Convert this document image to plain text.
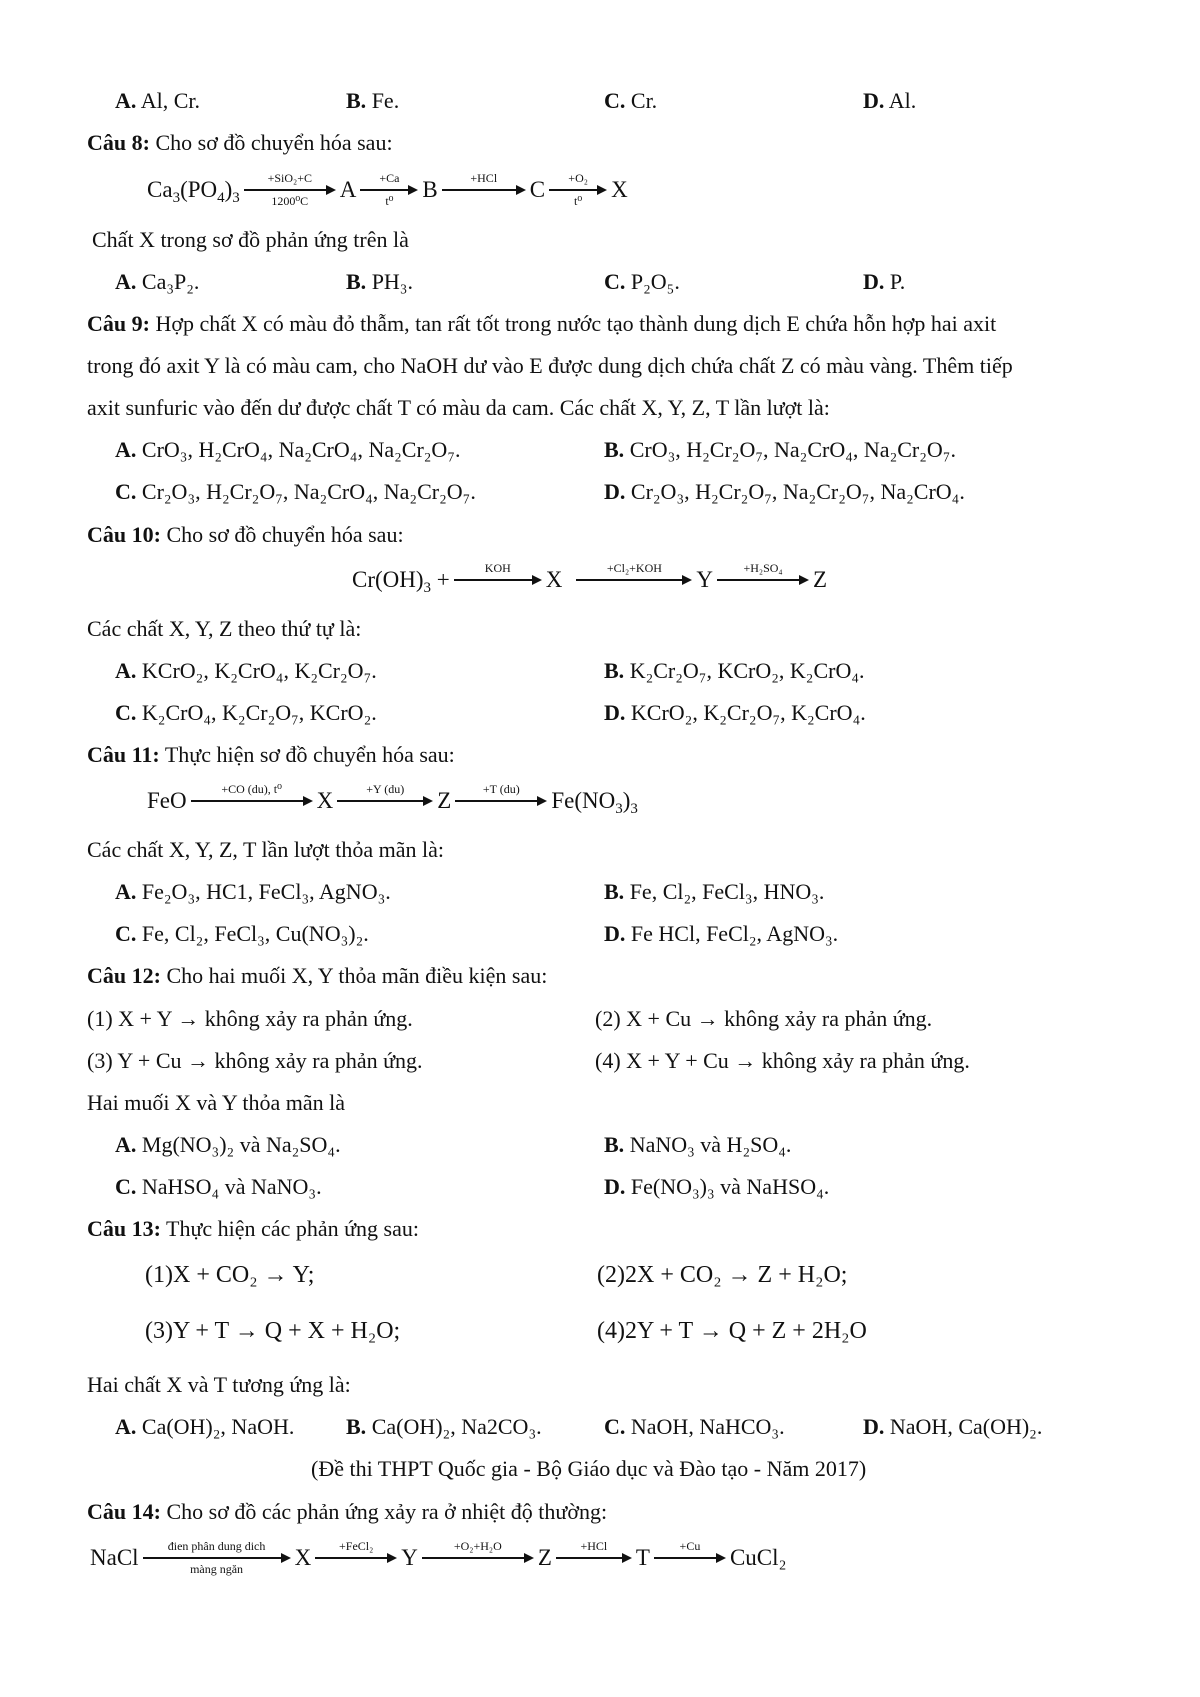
A. Al, Cr.	B. Fe.	C. Cr.	D. Al.
Câu 8: Cho sơ đồ chuyển hóa sau:
$Ca_3(PO_4)_3$
+SiO₂+C
1200⁰C A +Ca
t⁰ B	+HCl C +O₂
t⁰ X
Chất X trong sơ đồ phản ứng trên là
A. Ca₃P₂.	B. PH₃.	C. P₂O₅.	D. P.
Câu 9: Hợp chất X có màu đỏ thẫm, tan rất tốt trong nước tạo thành dung dịch E chứa hỗn hợp hai axit
trong đó axit Y là có màu cam, cho NaOH dư vào E được dung dịch chứa chất Z có màu vàng. Thêm tiếp
axit sunfuric vào đến dư được chất T có màu da cam. Các chất X, Y, Z, T lần lượt là:
A. CrO₃, H₂CrO₄, Na₂CrO₄, Na₂Cr₂O₇.	B. CrO₃, H₂Cr₂O₇, Na₂CrO₄, Na₂Cr₂O₇.
C. Cr₂O₃, H₂Cr₂O₇, Na₂CrO₄, Na₂Cr₂O₇.	D. Cr₂O₃, H₂Cr₂O₇, Na₂Cr₂O₇, Na₂CrO₄.
Câu 10: Cho sơ đồ chuyển hóa sau:
$Cr(OH)_3$ +	KOH X	+Cl₂+KOH Y	+H₂SO₄ Z
Các chất X, Y, Z theo thứ tự là:
A. KCrO₂, K₂CrO₄, K₂Cr₂O₇.	B. K₂Cr₂O₇, KCrO₂, K₂CrO₄.
C. K₂CrO₄, K₂Cr₂O₇, KCrO₂.	D. KCrO₂, K₂Cr₂O₇, K₂CrO₄.
Câu 11: Thực hiện sơ đồ chuyển hóa sau:
FeO	+CO (du), t⁰ X	+Y (du) Z	+T (du) $Fe(NO_3)_3$
Các chất X, Y, Z, T lần lượt thỏa mãn là:
A. Fe₂O₃, HC1, FeCl₃, AgNO₃.	B. Fe, Cl₂, FeCl₃, HNO₃.
C. Fe, Cl₂, FeCl₃, Cu(NO₃)₂.	D. Fe HCl, FeCl₂, AgNO₃.
Câu 12: Cho hai muối X, Y thỏa mãn điều kiện sau:
(1) X + Y → không xảy ra phản ứng.	(2) X + Cu → không xảy ra phản ứng.
(3) Y + Cu → không xảy ra phản ứng.	(4) X + Y + Cu → không xảy ra phản ứng.
Hai muối X và Y thỏa mãn là
A. Mg(NO₃)₂ và Na₂SO₄.	B. NaNO₃ và H₂SO₄.
C. NaHSO₄ và NaNO₃.	D. Fe(NO₃)₃ và NaHSO₄.
Câu 13: Thực hiện các phản ứng sau:
(1)X + CO₂ → Y;	(2)2X + CO₂ → Z + H₂O;
(3)Y + T → Q + X + H₂O;	(4)2Y + T → Q + Z + 2H₂O
Hai chất X và T tương ứng là:
A. Ca(OH)₂, NaOH. B. Ca(OH)₂, Na2CO₃.	C. NaOH, NaHCO₃.	D. NaOH, Ca(OH)₂.
(Đề thi THPT Quốc gia - Bộ Giáo dục và Đào tạo - Năm 2017)
Câu 14: Cho sơ đồ các phản ứng xảy ra ở nhiệt độ thường:
NaCl đien phân dung dich
màng ngăn X +FeCl₂ Y	+O₂+H₂O Z +HCl T +Cu CuCl₂
